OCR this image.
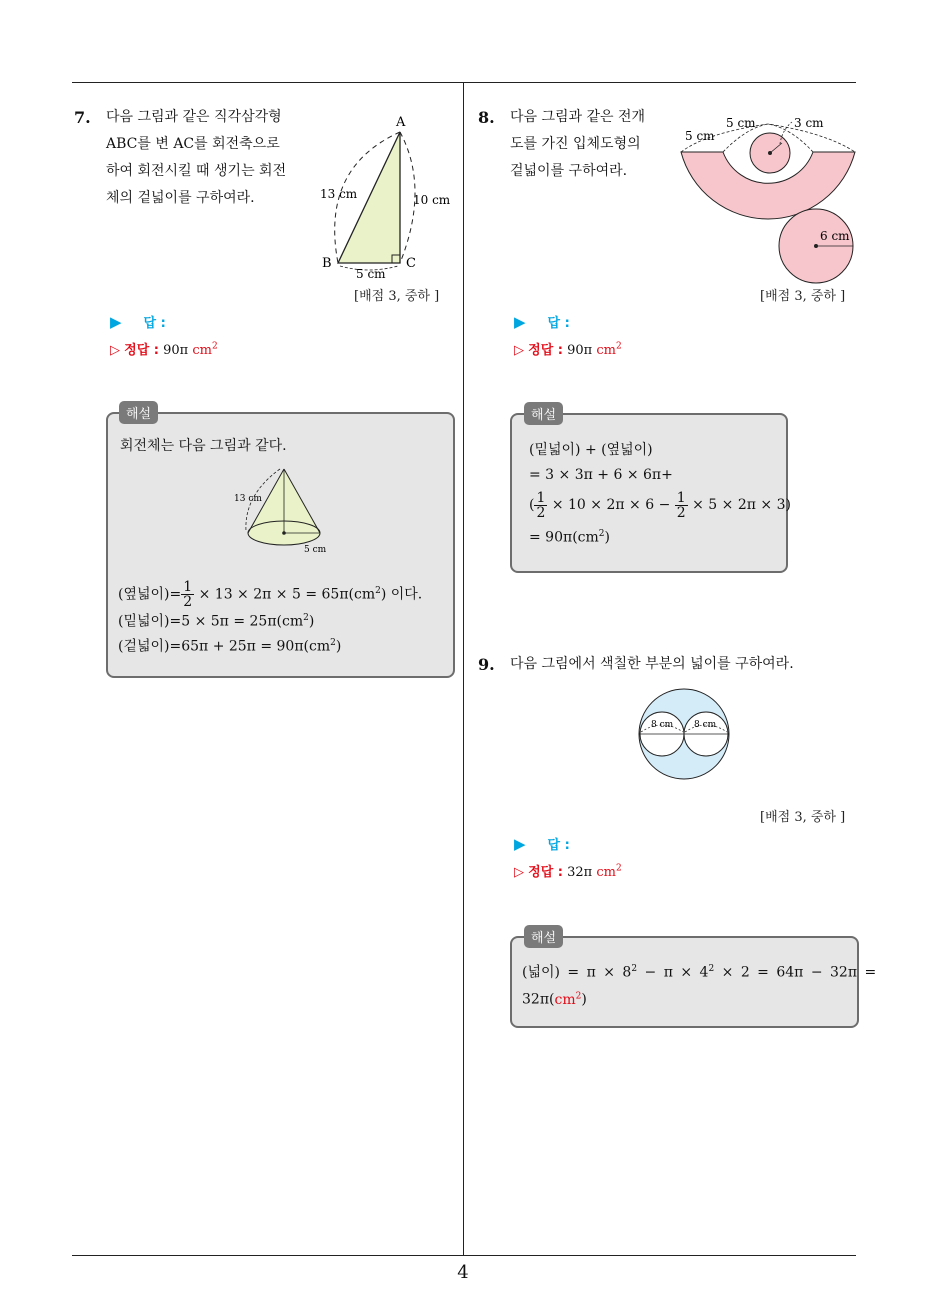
7. 다음 그림과 같은 직각삼각형
ABC를 변 AC를 회전축으로
하여 회전시킬 때 생기는 회전
체의 겉넓이를 구하여라.
A
B	C
13 cm	10 cm
5 cm
[배점 3, 중하 ]
▶ 답 :
▷ 정답 : 90π $cm^2$
해설
회전체는 다음 그림과 같다.
13 cm
5 cm
(옆넓이)= $\frac{1}{2} \times 13 \times 2\pi \times 5 = 65\pi(cm^2)$ 이다.
(밑넓이)$=5 \times 5\pi = 25\pi(cm^2)$
(겉넓이)$=65\pi + 25\pi = 90\pi(cm^2)$
8. 다음 그림과 같은 전개
도를 가진 입체도형의
겉넓이를 구하여라.
5 cm
5 cm	3 cm
6 cm
[배점 3, 중하 ]
▶ 답 :
▷ 정답 : 90π $cm^2$
해설
(밑넓이) + (옆넓이)
= 3 × 3π + 6 × 6π+
( $\frac{1}{2} \times 10 \times 2\pi \times 6 - \frac{1}{2} \times 5 \times 2\pi \times 3$)
= $90\pi(cm^2)$
9. 다음 그림에서 색칠한 부분의 넓이를 구하여라.
8 cm 8 cm
[배점 3, 중하 ]
▶ 답 :
▷ 정답 : 32π $cm^2$
해설
(넓이) = $\pi \times 8^2 - \pi \times 4^2 \times 2 = 64\pi - 32\pi$ =
$32\pi(cm^2)$
4
